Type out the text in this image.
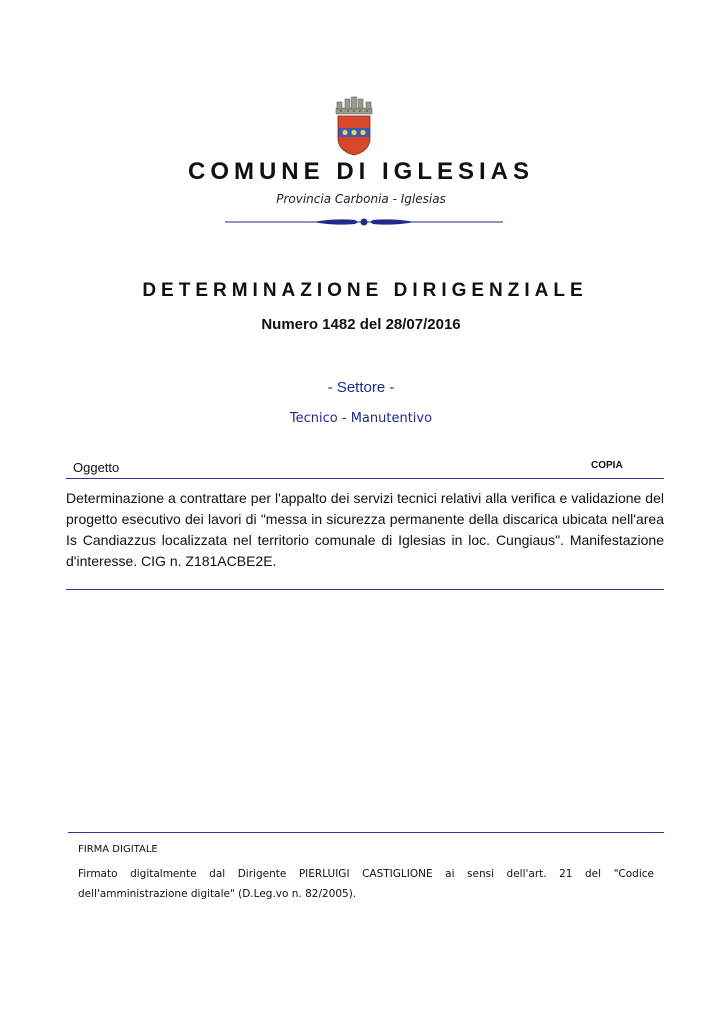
COMUNE DI IGLESIAS
Provincia Carbonia - Iglesias
DETERMINAZIONE DIRIGENZIALE
Numero 1482 del 28/07/2016
- Settore -
Tecnico - Manutentivo
Oggetto	COPIA
Determinazione a contrattare per l'appalto dei servizi tecnici relativi alla verifica e validazione del progetto esecutivo dei lavori di "messa in sicurezza permanente della discarica ubicata nell'area Is Candiazzus localizzata nel territorio comunale di Iglesias in loc. Cungiaus". Manifestazione d'interesse. CIG n. Z181ACBE2E.
FIRMA DIGITALE
Firmato digitalmente dal Dirigente PIERLUIGI CASTIGLIONE ai sensi dell'art. 21 del "Codice dell'amministrazione digitale" (D.Leg.vo n. 82/2005).
